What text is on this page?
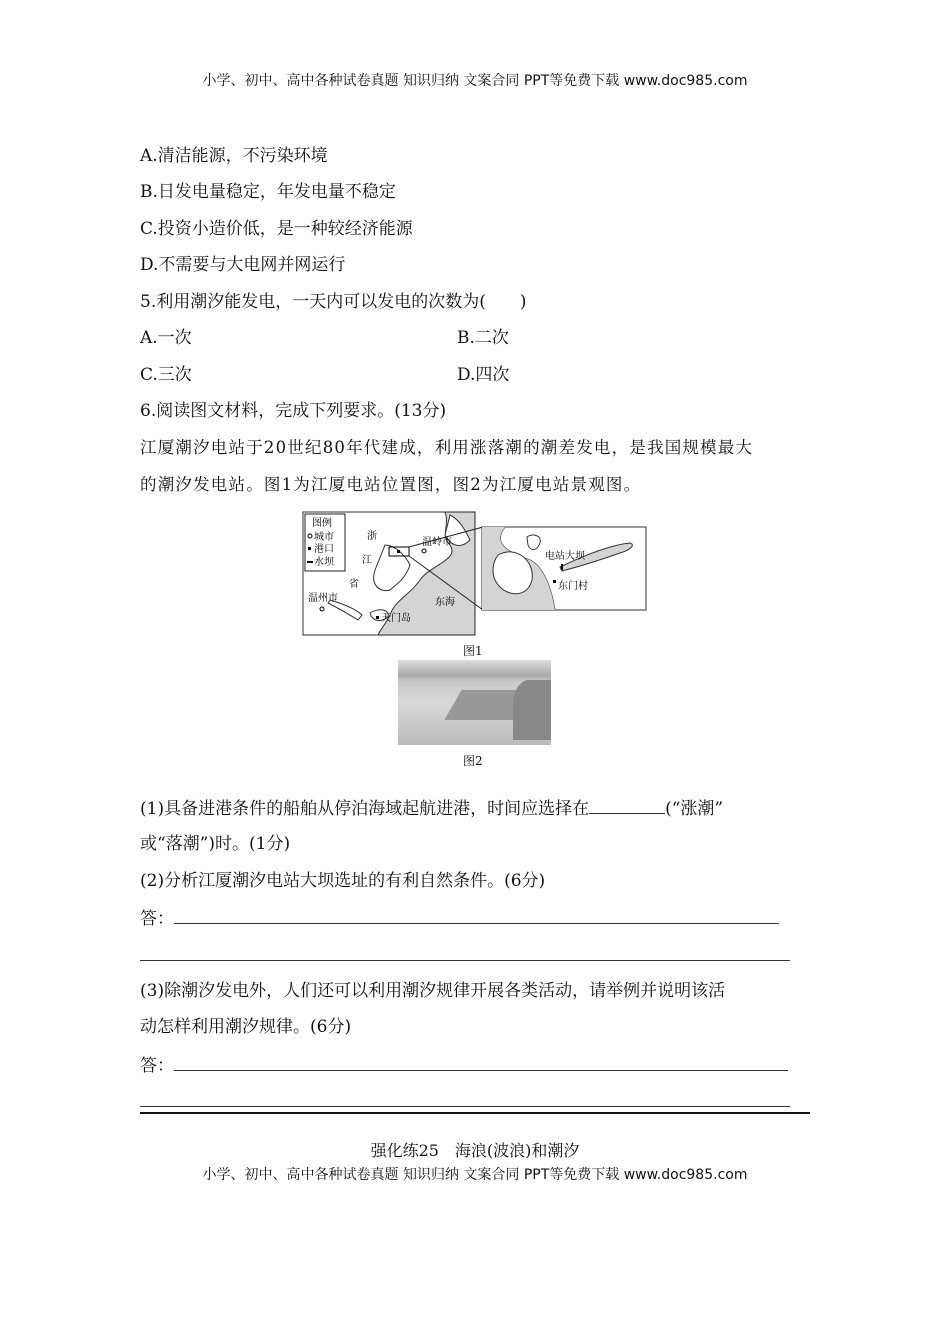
小学、初中、高中各种试卷真题 知识归纳 文案合同 PPT等免费下载 www.doc985.com
A.清洁能源，不污染环境
B.日发电量稳定，年发电量不稳定
C.投资小造价低，是一种较经济能源
D.不需要与大电网并网运行
5.利用潮汐能发电，一天内可以发电的次数为(　　)
A.一次	B.二次
C.三次	D.四次
6.阅读图文材料，完成下列要求。(13分)
江厦潮汐电站于20世纪80年代建成，利用涨落潮的潮差发电，是我国规模最大
的潮汐发电站。图1为江厦电站位置图，图2为江厦电站景观图。
图例
城市
港口
水坝
浙
江
省
温岭市
温州市	东海
天门岛
电站大坝
东门村
图1
图2
(1)具备进港条件的船舶从停泊海域起航进港，时间应选择在	(“涨潮”
或“落潮”)时。(1分)
(2)分析江厦潮汐电站大坝选址的有利自然条件。(6分)
答：
(3)除潮汐发电外，人们还可以利用潮汐规律开展各类活动，请举例并说明该活
动怎样利用潮汐规律。(6分)
答：
强化练25　海浪(波浪)和潮汐
小学、初中、高中各种试卷真题 知识归纳 文案合同 PPT等免费下载 www.doc985.com
